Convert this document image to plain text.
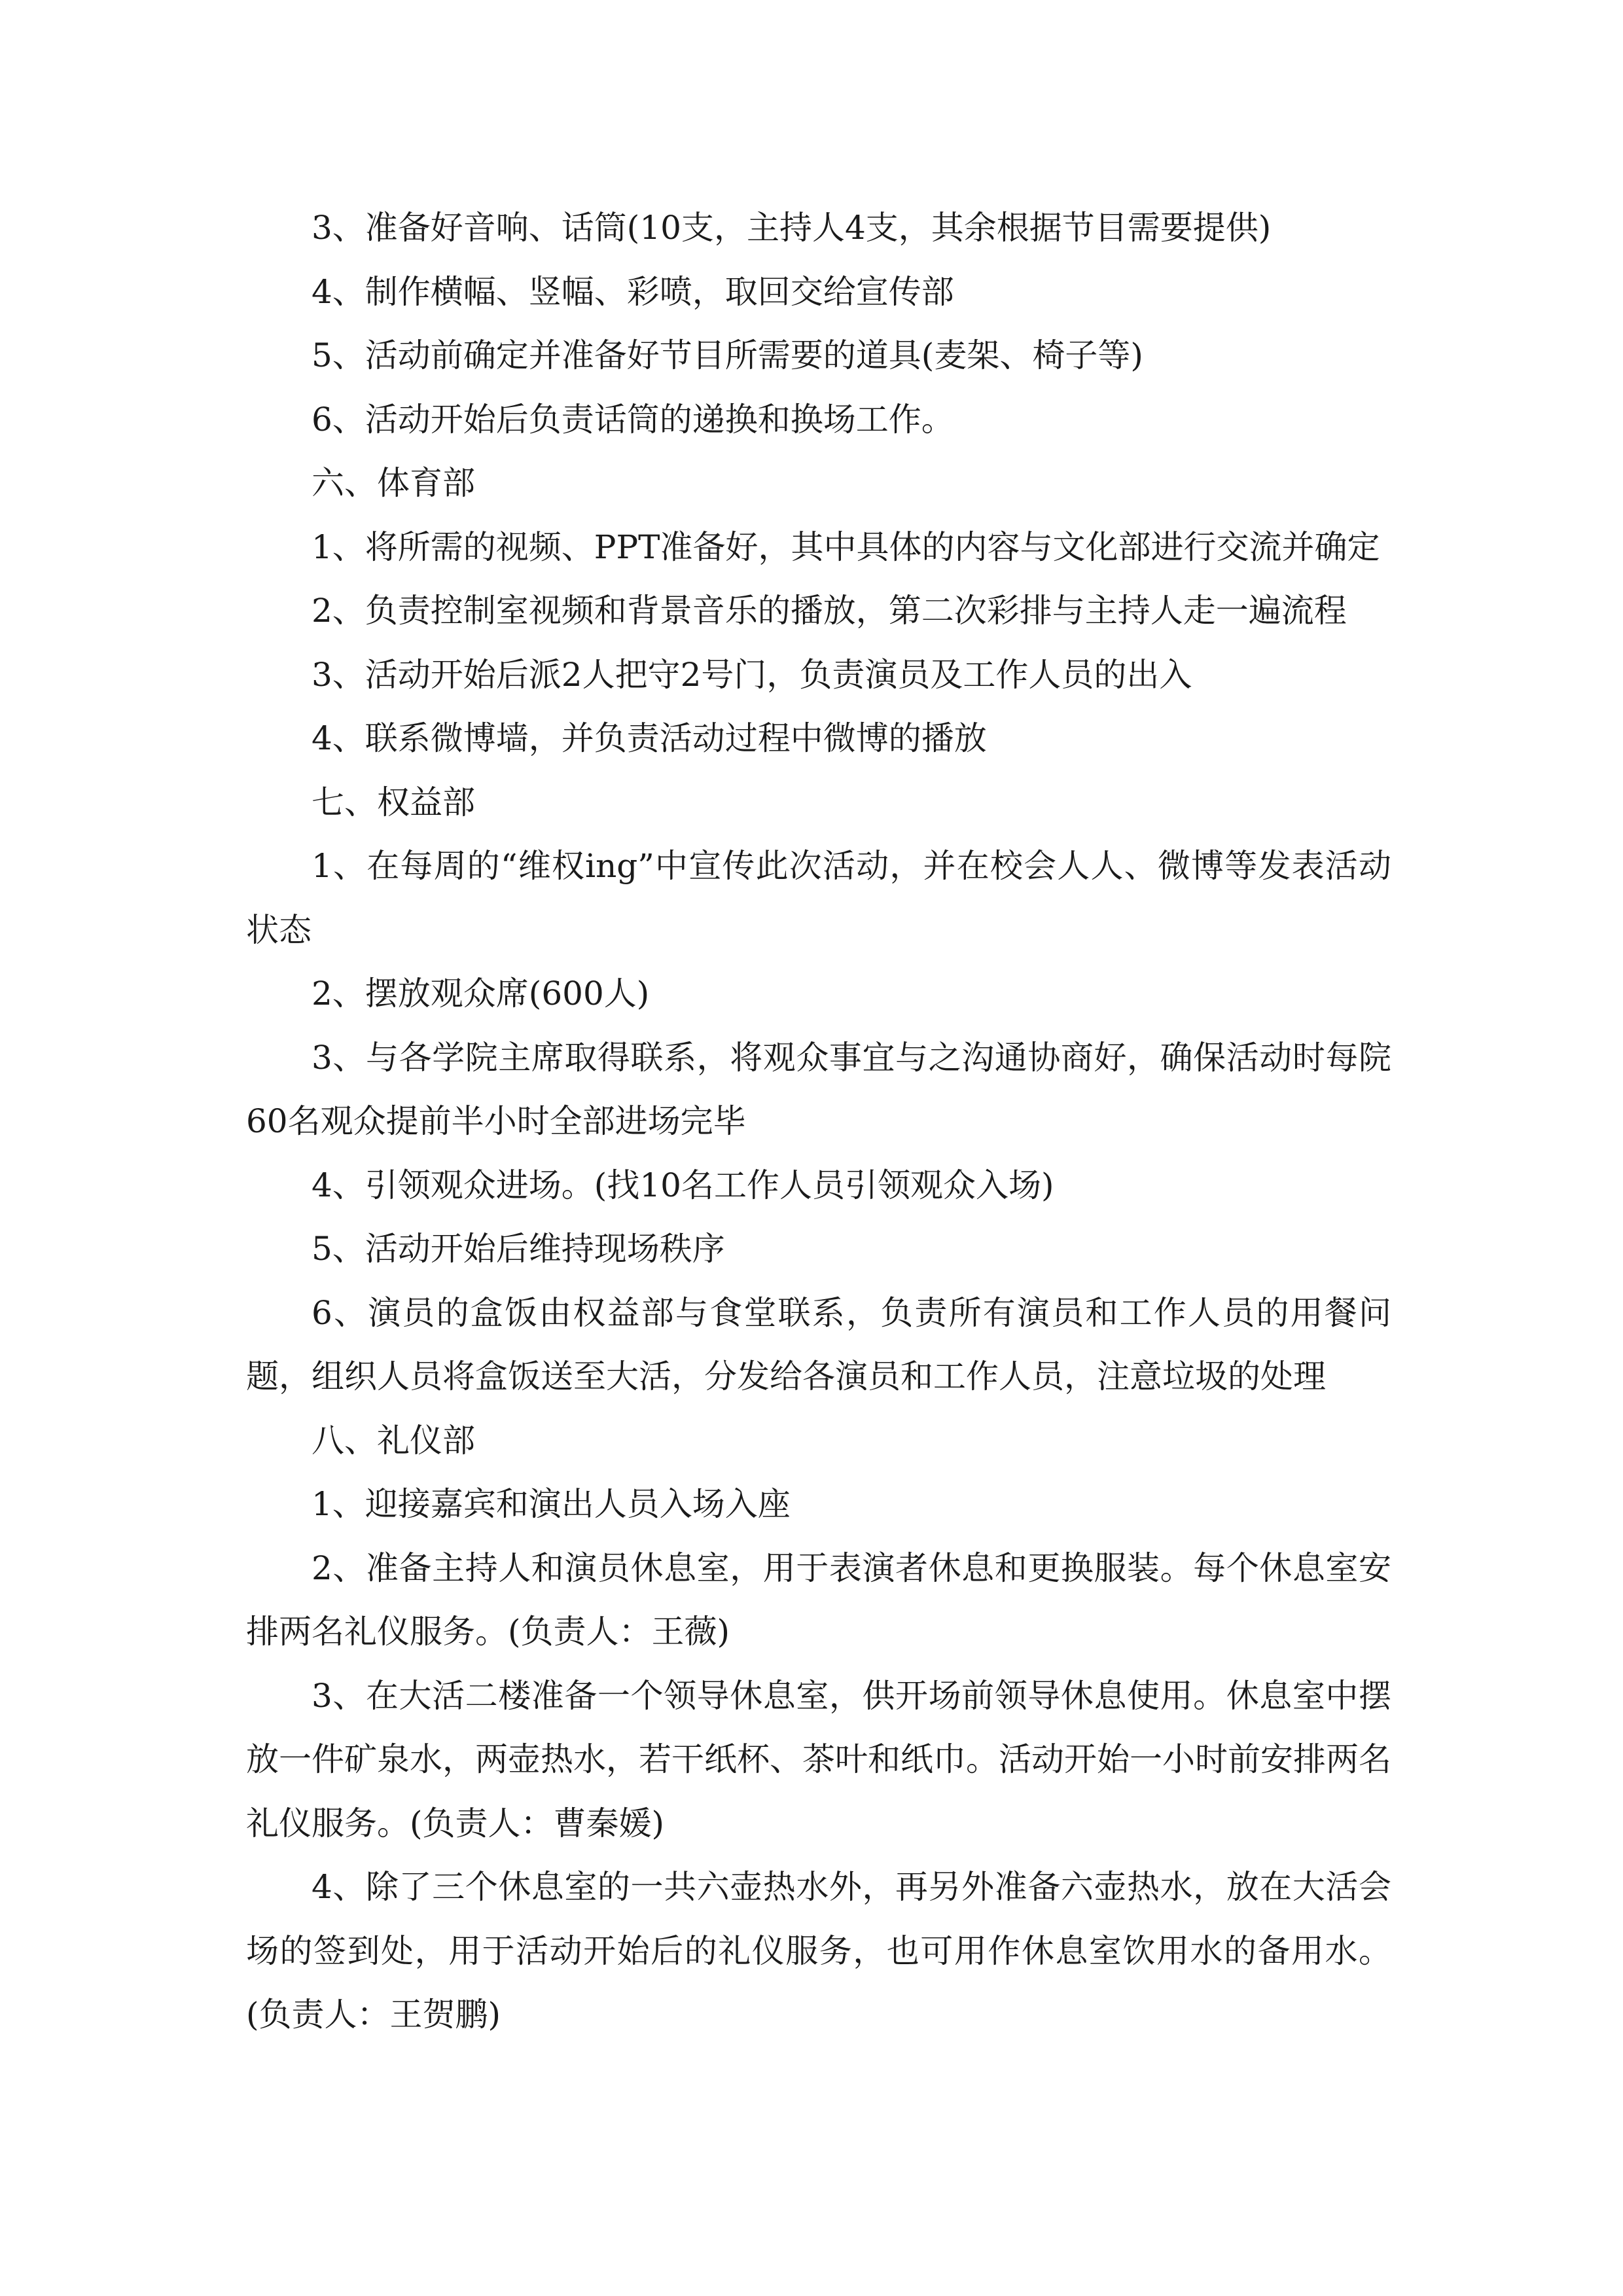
3、准备好音响、话筒(10支，主持人4支，其余根据节目需要提供)

4、制作横幅、竖幅、彩喷，取回交给宣传部

5、活动前确定并准备好节目所需要的道具(麦架、椅子等)

6、活动开始后负责话筒的递换和换场工作。

六、体育部

1、将所需的视频、PPT准备好，其中具体的内容与文化部进行交流并确定

2、负责控制室视频和背景音乐的播放，第二次彩排与主持人走一遍流程

3、活动开始后派2人把守2号门，负责演员及工作人员的出入

4、联系微博墙，并负责活动过程中微博的播放

七、权益部

1、在每周的“维权ing”中宣传此次活动，并在校会人人、微博等发表活动状态

2、摆放观众席(600人)

3、与各学院主席取得联系，将观众事宜与之沟通协商好，确保活动时每院60名观众提前半小时全部进场完毕

4、引领观众进场。(找10名工作人员引领观众入场)

5、活动开始后维持现场秩序

6、演员的盒饭由权益部与食堂联系，负责所有演员和工作人员的用餐问题，组织人员将盒饭送至大活，分发给各演员和工作人员，注意垃圾的处理

八、礼仪部

1、迎接嘉宾和演出人员入场入座

2、准备主持人和演员休息室，用于表演者休息和更换服装。每个休息室安排两名礼仪服务。(负责人：王薇)

3、在大活二楼准备一个领导休息室，供开场前领导休息使用。休息室中摆放一件矿泉水，两壶热水，若干纸杯、茶叶和纸巾。活动开始一小时前安排两名礼仪服务。(负责人：曹秦媛)

4、除了三个休息室的一共六壶热水外，再另外准备六壶热水，放在大活会场的签到处，用于活动开始后的礼仪服务，也可用作休息室饮用水的备用水。(负责人：王贺鹏)
